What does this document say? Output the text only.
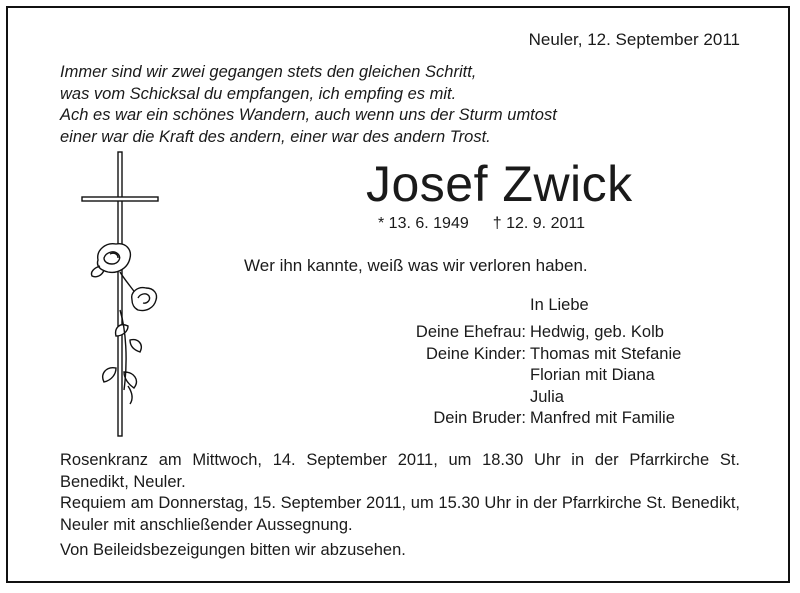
Neuler, 12. September 2011
Immer sind wir zwei gegangen stets den gleichen Schritt,
was vom Schicksal du empfangen, ich empfing es mit.
Ach es war ein schönes Wandern, auch wenn uns der Sturm umtost
einer war die Kraft des andern, einer war des andern Trost.
Josef Zwick
* 13. 6. 1949 † 12. 9. 2011
Wer ihn kannte, weiß was wir verloren haben.
In Liebe
Deine Ehefrau:	Hedwig, geb. Kolb
Deine Kinder:	Thomas mit Stefanie
	Florian mit Diana
	Julia
Dein Bruder:	Manfred mit Familie

Rosenkranz am Mittwoch, 14. September 2011, um 18.30 Uhr in der Pfarrkirche St. Benedikt, Neuler.

Requiem am Donnerstag, 15. September 2011, um 15.30 Uhr in der Pfarrkirche St. Benedikt, Neuler mit anschließender Aussegnung.

Von Beileidsbezeigungen bitten wir abzusehen.
